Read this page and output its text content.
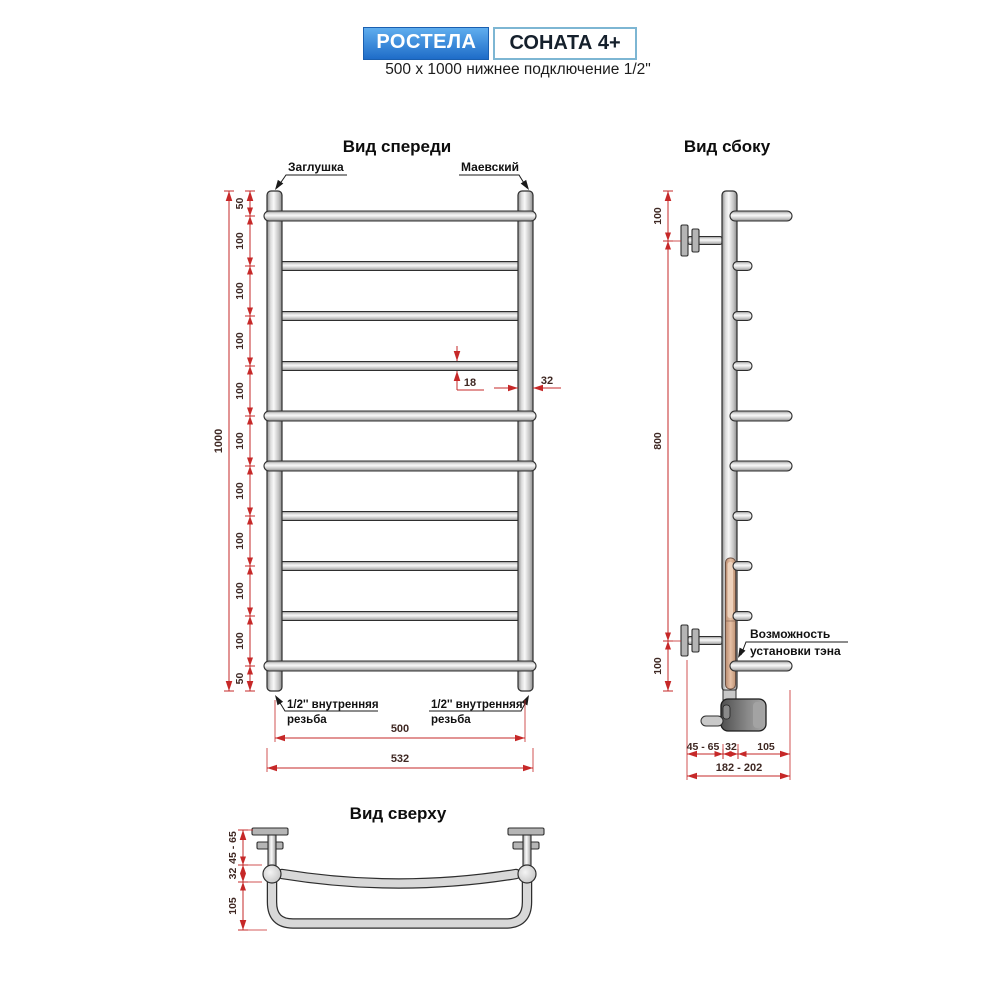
РОСТЕЛА	СОНАТА 4+
500 x 1000 нижнее подключение 1/2"
Вид спереди
Заглушка	Маевский
50
100
100
100
100
100
100
100
100
100
50
1000
18	32
1/2'' внутренняя
резьба
1/2'' внутренняя
резьба
500
532
Вид сбоку
100
800
100
Возможность
установки тэна
45 - 65 32 105
182 - 202
Вид сверху
45 - 65
32
105
